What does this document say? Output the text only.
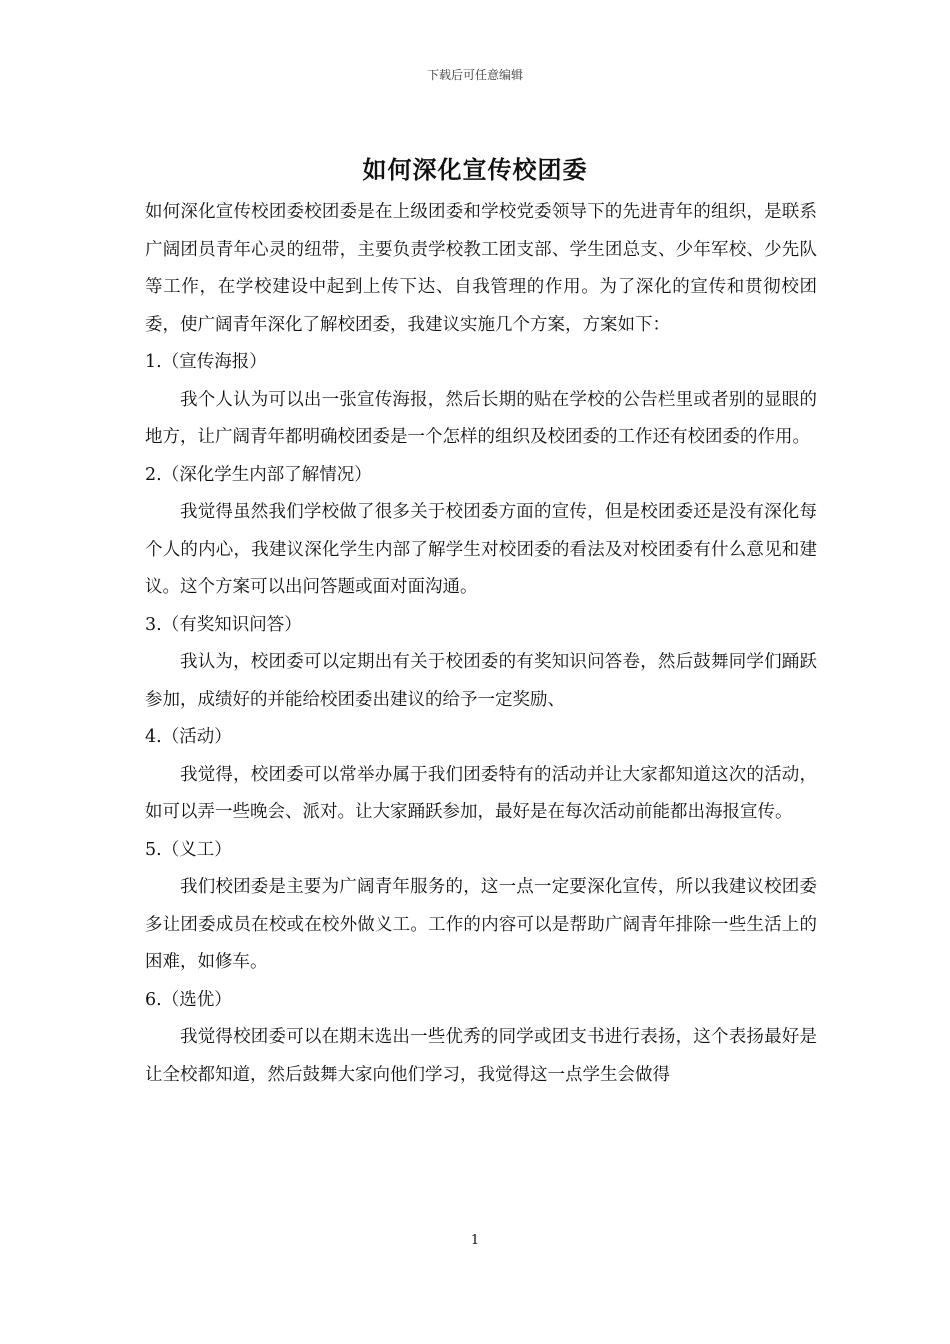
下载后可任意编辑
如何深化宣传校团委

如何深化宣传校团委校团委是在上级团委和学校党委领导下的先进青年的组织，是联系广阔团员青年心灵的纽带，主要负责学校教工团支部、学生团总支、少年军校、少先队等工作，在学校建设中起到上传下达、自我管理的作用。为了深化的宣传和贯彻校团委，使广阔青年深化了解校团委，我建议实施几个方案，方案如下：

1.（宣传海报）

我个人认为可以出一张宣传海报，然后长期的贴在学校的公告栏里或者别的显眼的地方，让广阔青年都明确校团委是一个怎样的组织及校团委的工作还有校团委的作用。

2.（深化学生内部了解情况）

我觉得虽然我们学校做了很多关于校团委方面的宣传，但是校团委还是没有深化每个人的内心，我建议深化学生内部了解学生对校团委的看法及对校团委有什么意见和建议。这个方案可以出问答题或面对面沟通。

3.（有奖知识问答）

我认为，校团委可以定期出有关于校团委的有奖知识问答卷，然后鼓舞同学们踊跃参加，成绩好的并能给校团委出建议的给予一定奖励、

4.（活动）

我觉得，校团委可以常举办属于我们团委特有的活动并让大家都知道这次的活动，如可以弄一些晚会、派对。让大家踊跃参加，最好是在每次活动前能都出海报宣传。

5.（义工）

我们校团委是主要为广阔青年服务的，这一点一定要深化宣传，所以我建议校团委多让团委成员在校或在校外做义工。工作的内容可以是帮助广阔青年排除一些生活上的困难，如修车。

6.（选优）

我觉得校团委可以在期末选出一些优秀的同学或团支书进行表扬，这个表扬最好是让全校都知道，然后鼓舞大家向他们学习，我觉得这一点学生会做得

1
